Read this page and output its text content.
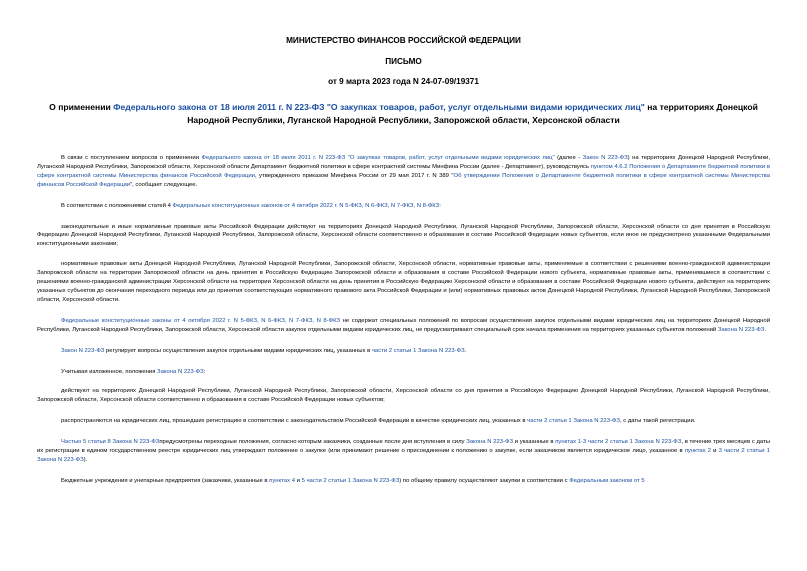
МИНИСТЕРСТВО ФИНАНСОВ РОССИЙСКОЙ ФЕДЕРАЦИИ
ПИСЬМО
от 9 марта 2023 года N 24-07-09/19371
О применении Федерального закона от 18 июля 2011 г. N 223-ФЗ "О закупках товаров, работ, услуг отдельными видами юридических лиц" на территориях Донецкой Народной Республики, Луганской Народной Республики, Запорожской области, Херсонской области

В связи с поступлением вопросов о применении Федерального закона от 18 июля 2011 г. N 223-ФЗ "О закупках товаров, работ, услуг отдельными видами юридических лиц" (далее - Закон N 223-ФЗ) на территориях Донецкой Народной Республики, Луганской Народной Республики, Запорожской области, Херсонской области Департамент бюджетной политики в сфере контрактной системы Минфина России (далее - Департамент), руководствуясь пунктом 4.6.2 Положения о Департаменте бюджетной политики в сфере контрактной системы Министерства финансов Российской Федерации, утвержденного приказом Минфина России от 29 мая 2017 г. N 389 "Об утверждении Положения о Департаменте бюджетной политики в сфере контрактной системы Министерства финансов Российской Федерации", сообщает следующее.

В соответствии с положениями статей 4 Федеральных конституционных законов от 4 октября 2022 г. N 5-ФКЗ, N 6-ФКЗ, N 7-ФКЗ, N 8-ФКЗ:

законодательные и иные нормативные правовые акты Российской Федерации действуют на территориях Донецкой Народной Республики, Луганской Народной Республики, Запорожской области, Херсонской области со дня принятия в Российскую Федерацию Донецкой Народной Республики, Луганской Народной Республики, Запорожской области, Херсонской области соответственно и образования в составе Российской Федерации новых субъектов, если иное не предусмотрено указанными Федеральными конституционными законами;

нормативные правовые акты Донецкой Народной Республики, Луганской Народной Республики, Запорожской области, Херсонской области, нормативные правовые акты, применяемые в соответствии с решениями военно-гражданской администрации Запорожской области на территории Запорожской области на день принятия в Российскую Федерацию Запорожской области и образования в составе Российской Федерации нового субъекта, нормативные правовые акты, применявшиеся в соответствии с решениями военно-гражданской администрации Херсонской области на территории Херсонской области на день принятия в Российскую Федерацию Херсонской области и образования в составе Российской Федерации нового субъекта, действуют на территориях указанных субъектов до окончания переходного периода или до принятия соответствующих нормативного правового акта Российской Федерации и (или) нормативных правовых актов Донецкой Народной Республики, Луганской Народной Республики, Запорожской области, Херсонской области.

Федеральные конституционные законы от 4 октября 2022 г. N 5-ФКЗ, N 6-ФКЗ, N 7-ФКЗ, N 8-ФКЗ не содержат специальных положений по вопросам осуществления закупок отдельными видами юридических лиц на территориях Донецкой Народной Республики, Луганской Народной Республики, Запорожской области, Херсонской области закупок отдельными видами юридических лиц, не предусматривают специальный срок начала применения на территориях указанных субъектов положений Закона N 223-ФЗ.

Закон N 223-ФЗ регулирует вопросы осуществления закупок отдельными видами юридических лиц, указанных в части 2 статьи 1 Закона N 223-ФЗ.

Учитывая изложенное, положения Закона N 223-ФЗ:

действуют на территориях Донецкой Народной Республики, Луганской Народной Республики, Запорожской области, Херсонской области со дня принятия в Российскую Федерацию Донецкой Народной Республики, Луганской Народной Республики, Запорожской области, Херсонской области соответственно и образования в составе Российской Федерации новых субъектов;

распространяются на юридических лиц, прошедших регистрацию в соответствии с законодательством Российской Федерации в качестве юридических лиц, указанных в части 2 статьи 1 Закона N 223-ФЗ, с даты такой регистрации.

Частью 5 статьи 8 Закона N 223-ФЗпредусмотрены переходные положения, согласно которым заказчики, созданные после дня вступления в силу Закона N 223-ФЗ и указанные в пунктах 1-3 части 2 статьи 1 Закона N 223-ФЗ, в течение трех месяцев с даты их регистрации в едином государственном реестре юридических лиц утверждают положение о закупке (или принимают решение о присоединении к положению о закупке, если заказчиком является юридическое лицо, указанное в пунктах 2 и 3 части 2 статьи 1 Закона N 223-ФЗ).

Бюджетные учреждения и унитарные предприятия (заказчики, указанные в пунктах 4 и 5 части 2 статьи 1 Закона N 223-ФЗ) по общему правилу осуществляют закупки в соответствии с Федеральным законом от 5
